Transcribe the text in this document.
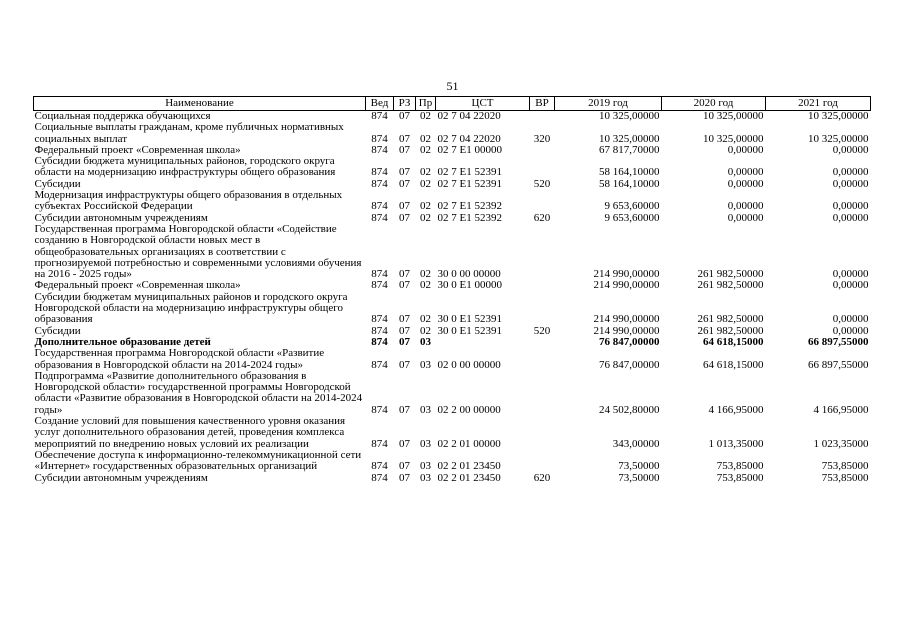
51
Наименование	Вед	РЗ	Пр	ЦСТ	ВР	2019 год	2020 год	2021 год
Социальная поддержка обучающихся	874	07	02	02 7 04 22020		10 325,00000	10 325,00000	10 325,00000
Социальные выплаты гражданам, кроме публичных нормативных социальных выплат	874	07	02	02 7 04 22020	320	10 325,00000	10 325,00000	10 325,00000
Федеральный проект «Современная школа»	874	07	02	02 7 E1 00000		67 817,70000	0,00000	0,00000
Субсидии бюджета муниципальных районов, городского округа области на модернизацию инфраструктуры общего образования	874	07	02	02 7 E1 52391		58 164,10000	0,00000	0,00000
Субсидии	874	07	02	02 7 E1 52391	520	58 164,10000	0,00000	0,00000
Модернизация инфраструктуры общего образования в отдельных субъектах Российской Федерации	874	07	02	02 7 E1 52392		9 653,60000	0,00000	0,00000
Субсидии автономным учреждениям	874	07	02	02 7 E1 52392	620	9 653,60000	0,00000	0,00000
Государственная программа Новгородской области «Содействие созданию в Новгородской области новых мест в общеобразовательных организациях в соответствии с прогнозируемой потребностью и современными условиями обучения на 2016 - 2025 годы»	874	07	02	30 0 00 00000		214 990,00000	261 982,50000	0,00000
Федеральный проект «Современная школа»	874	07	02	30 0 E1 00000		214 990,00000	261 982,50000	0,00000
Субсидии бюджетам муниципальных районов и городского округа Новгородской области на модернизацию инфраструктуры общего образования	874	07	02	30 0 E1 52391		214 990,00000	261 982,50000	0,00000
Субсидии	874	07	02	30 0 E1 52391	520	214 990,00000	261 982,50000	0,00000
Дополнительное образование детей	874	07	03			76 847,00000	64 618,15000	66 897,55000
Государственная программа Новгородской области «Развитие образования в Новгородской области на 2014-2024 годы»	874	07	03	02 0 00 00000		76 847,00000	64 618,15000	66 897,55000
Подпрограмма «Развитие дополнительного образования в Новгородской области» государственной программы Новгородской области «Развитие образования в Новгородской области на 2014-2024 годы»	874	07	03	02 2 00 00000		24 502,80000	4 166,95000	4 166,95000
Создание условий для повышения качественного уровня оказания услуг дополнительного образования детей, проведения комплекса мероприятий по внедрению новых условий их реализации	874	07	03	02 2 01 00000		343,00000	1 013,35000	1 023,35000
Обеспечение доступа к информационно-телекоммуникационной сети «Интернет» государственных образовательных организаций	874	07	03	02 2 01 23450		73,50000	753,85000	753,85000
Субсидии автономным учреждениям	874	07	03	02 2 01 23450	620	73,50000	753,85000	753,85000
